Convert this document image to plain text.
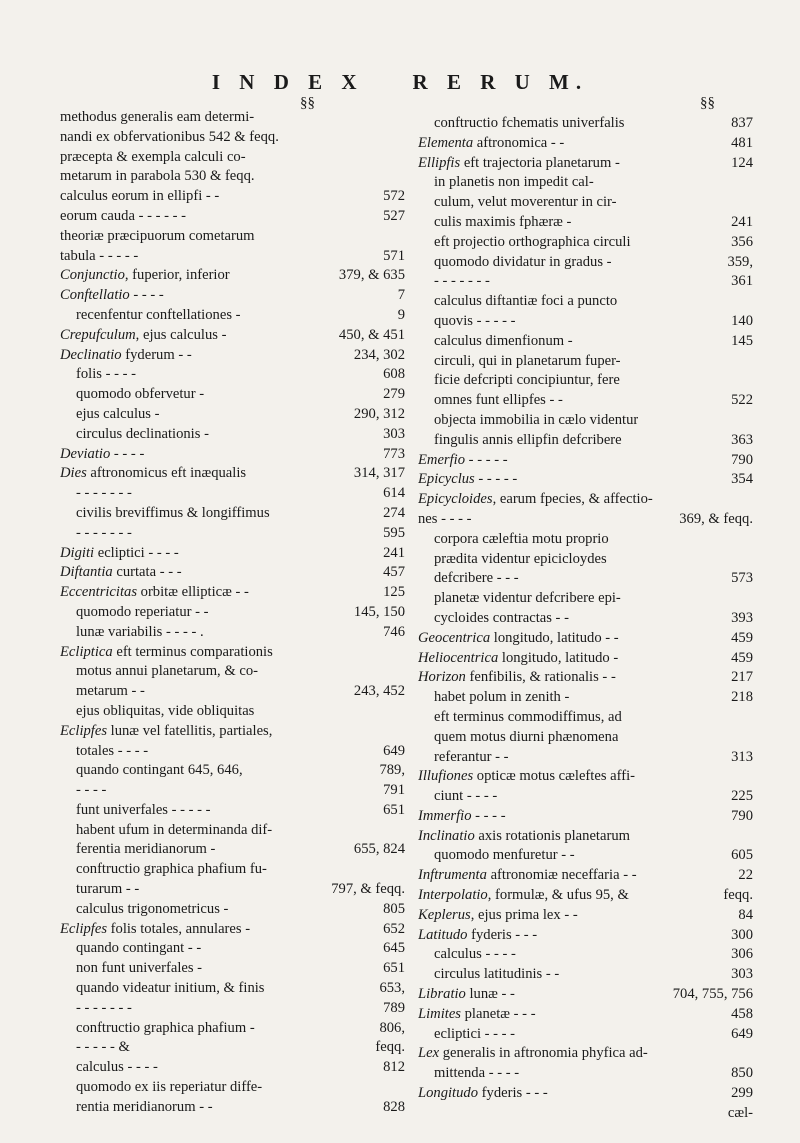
I N D E X R E R U M.
§§	§§
methodus generalis eam determi-
nandi ex obfervationibus 542 & feqq.
præcepta & exempla calculi co-
metarum in parabola 530 & feqq.
calculus eorum in ellipfi - -	572
eorum cauda - - - - - -	527
theoriæ præcipuorum cometarum
tabula - - - - -	571
Conjunctio, fuperior, inferior	379, & 635
Conftellatio - - - -	7
recenfentur conftellationes -	9
Crepufculum, ejus calculus -	450, & 451
Declinatio fyderum - -	234, 302
folis - - - -	608
quomodo obfervetur -	279
ejus calculus -	290, 312
circulus declinationis -	303
Deviatio - - - -	773
Dies aftronomicus eft inæqualis	314, 317
- - - - - - -	614
civilis breviffimus & longiffimus	274
- - - - - - -	595
Digiti ecliptici - - - -	241
Diftantia curtata - - -	457
Eccentricitas orbitæ ellipticæ - -	125
quomodo reperiatur - -	145, 150
lunæ variabilis - - - - .	746
Ecliptica eft terminus comparationis
motus annui planetarum, & co-
metarum - -	243, 452
ejus obliquitas, vide obliquitas
Eclipfes lunæ vel fatellitis, partiales,
totales - - - -	649
quando contingant 645, 646,	789,
- - - -	791
funt univerfales - - - - -	651
habent ufum in determinanda dif-
ferentia meridianorum -	655, 824
conftructio graphica phafium fu-
turarum - -	797, & feqq.
calculus trigonometricus -	805
Eclipfes folis totales, annulares -	652
quando contingant - -	645
non funt univerfales -	651
quando videatur initium, & finis	653,
- - - - - - -	789
conftructio graphica phafium -	806,
- - - - - &	feqq.
calculus - - - -	812
quomodo ex iis reperiatur diffe-
rentia meridianorum - -	828
conftructio fchematis univerfalis	837
Elementa aftronomica - -	481
Ellipfis eft trajectoria planetarum -	124
in planetis non impedit cal-
culum, velut moverentur in cir-
culis maximis fphæræ -	241
eft projectio orthographica circuli	356
quomodo dividatur in gradus -	359,
- - - - - - -	361
calculus diftantiæ foci a puncto
quovis - - - - -	140
calculus dimenfionum -	145
circuli, qui in planetarum fuper-
ficie defcripti concipiuntur, fere
omnes funt ellipfes - -	522
objecta immobilia in cælo videntur
fingulis annis ellipfin defcribere	363
Emerfio - - - - -	790
Epicyclus - - - - -	354
Epicycloides, earum fpecies, & affectio-
nes - - - -	369, & feqq.
corpora cæleftia motu proprio
prædita videntur epicicloydes
defcribere - - -	573
planetæ videntur defcribere epi-
cycloides contractas - -	393
Geocentrica longitudo, latitudo - -	459
Heliocentrica longitudo, latitudo -	459
Horizon fenfibilis, & rationalis - -	217
habet polum in zenith -	218
eft terminus commodiffimus, ad
quem motus diurni phænomena
referantur - -	313
Illufiones opticæ motus cæleftes affi-
ciunt - - - -	225
Immerfio - - - -	790
Inclinatio axis rotationis planetarum
quomodo menfuretur - -	605
Inftrumenta aftronomiæ neceffaria - -	22
Interpolatio, formulæ, & ufus 95, &	feqq.
Keplerus, ejus prima lex - -	84
Latitudo fyderis - - -	300
calculus - - - -	306
circulus latitudinis - -	303
Libratio lunæ - -	704, 755, 756
Limites planetæ - - -	458
ecliptici - - - -	649
Lex generalis in aftronomia phyfica ad-
mittenda - - - -	850
Longitudo fyderis - - -	299
cæl-
